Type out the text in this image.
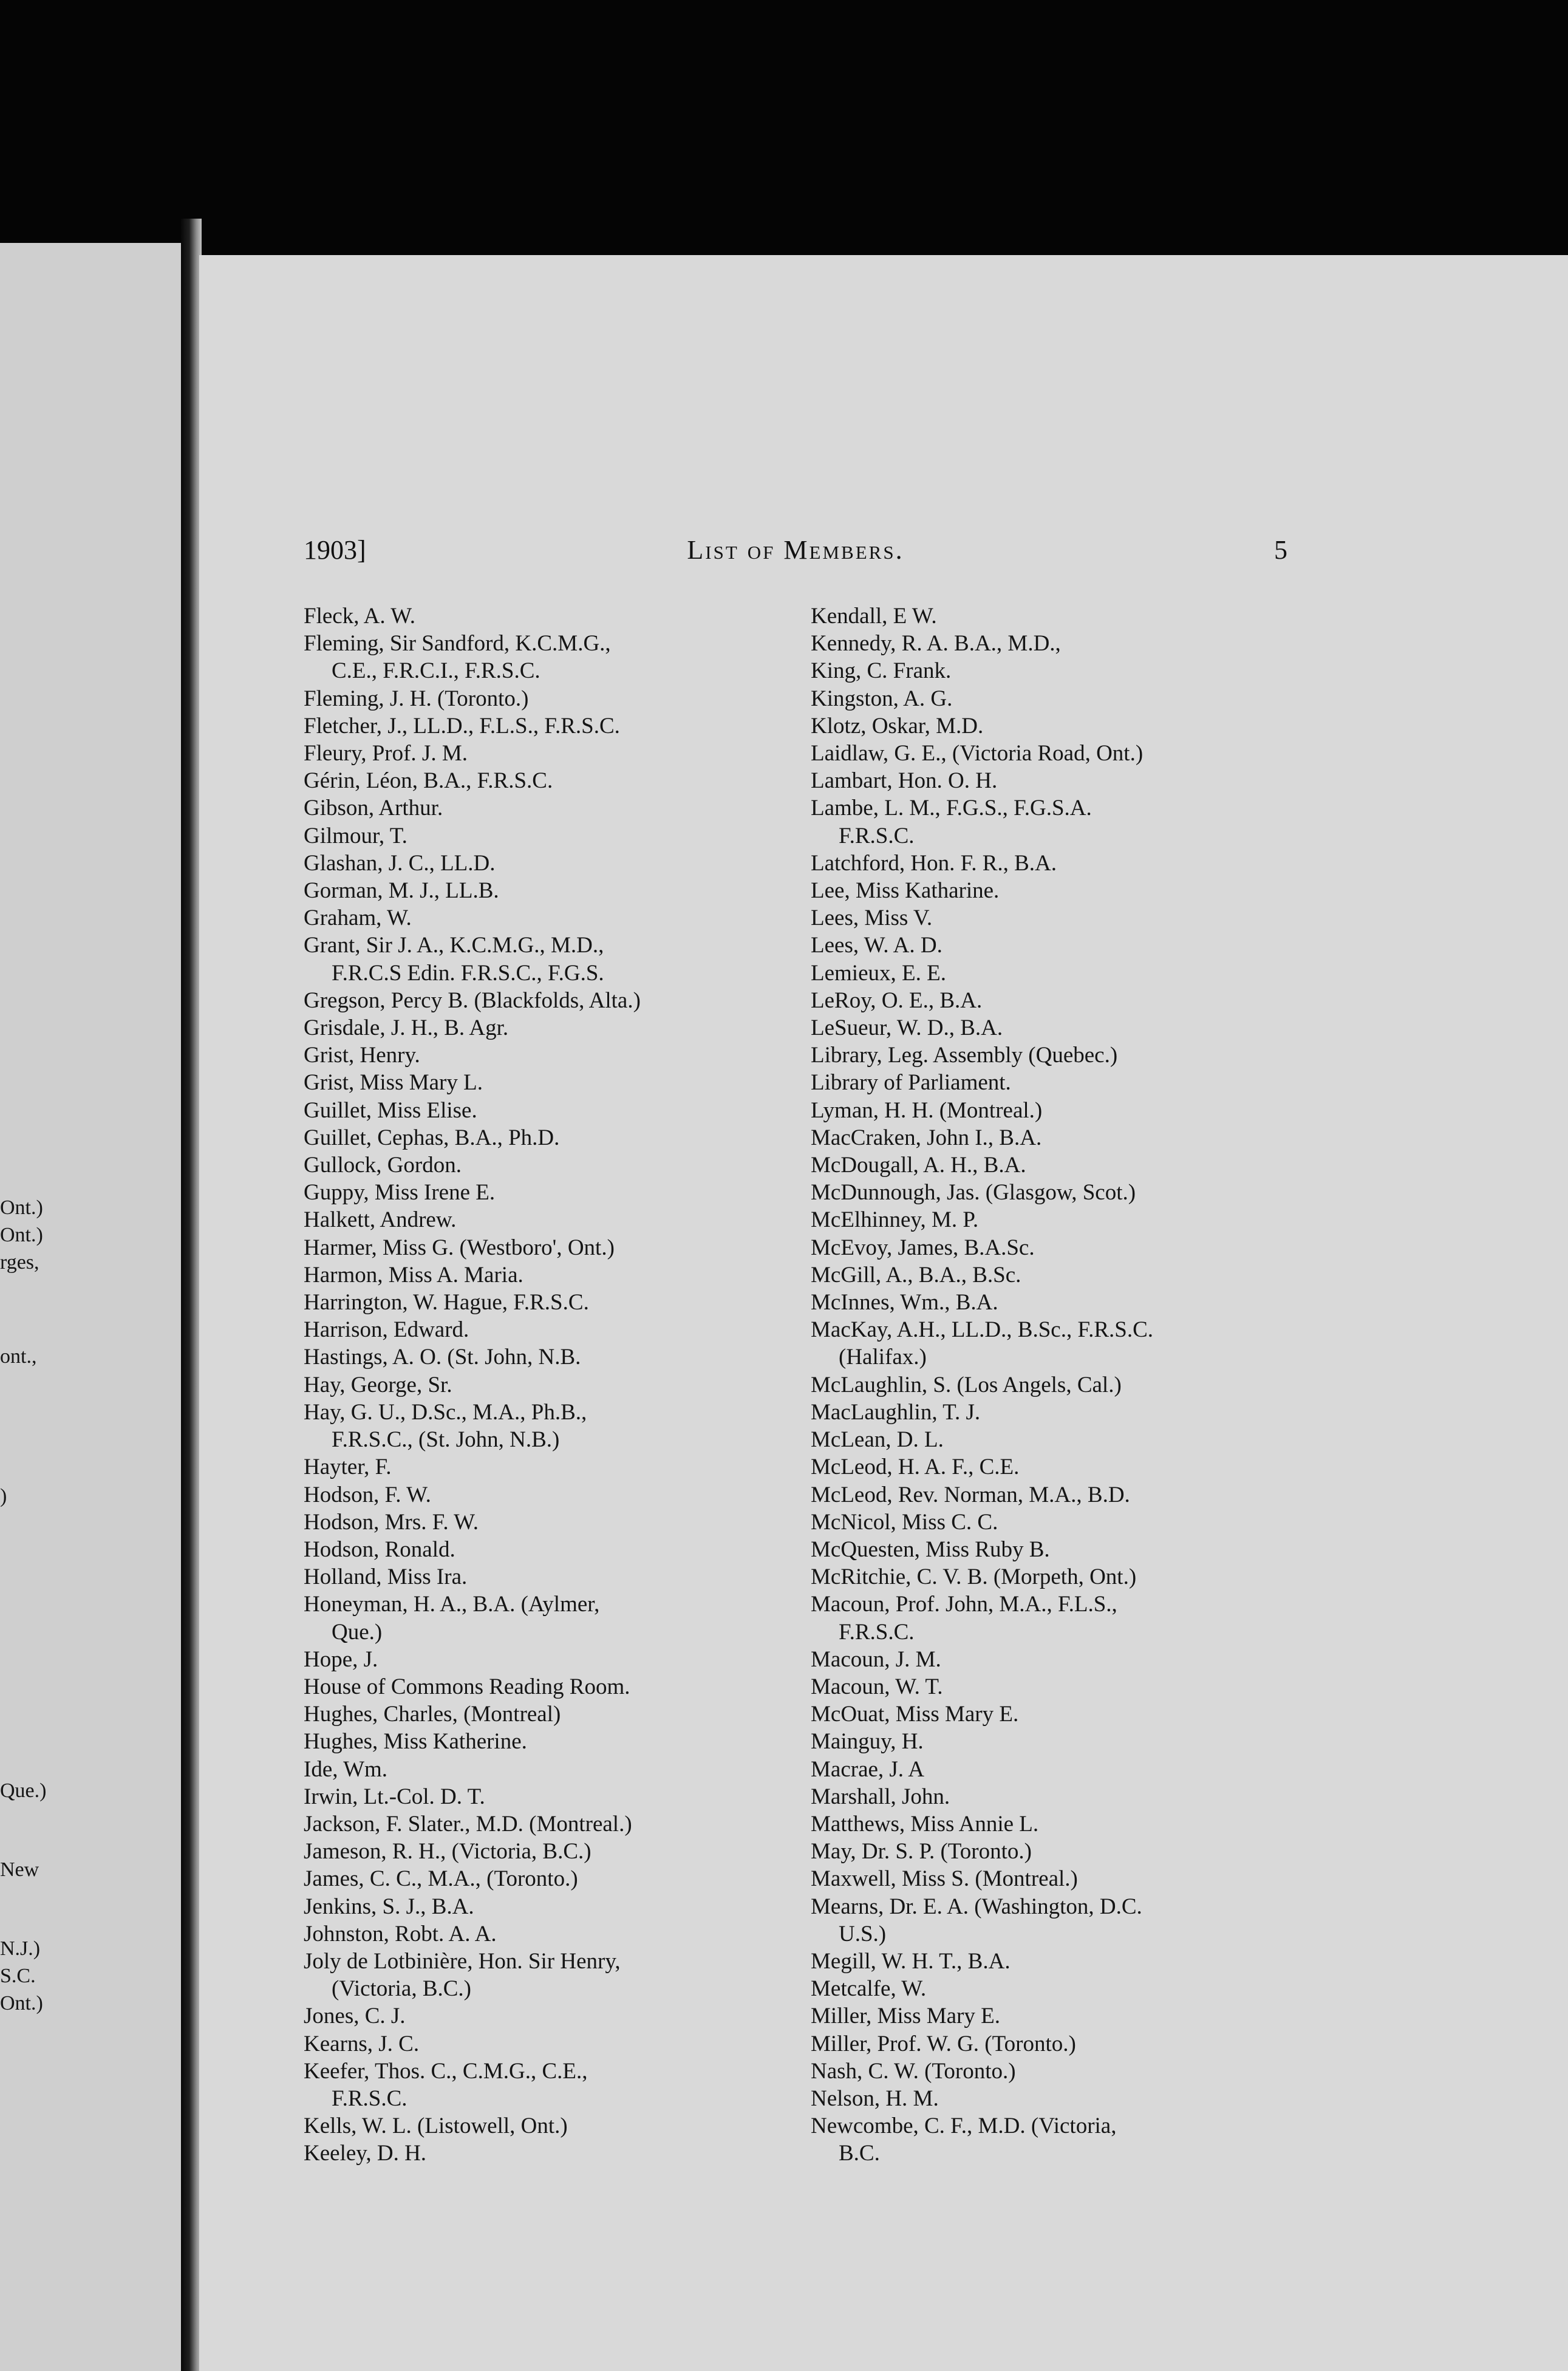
Ont.)
Ont.)
rges,
ont.,
)
Que.)
New
N.J.)
S.C.
Ont.)
1903]	List of Members.	5
Fleck, A. W.
Fleming, Sir Sandford, K.C.M.G.,
C.E., F.R.C.I., F.R.S.C.
Fleming, J. H. (Toronto.)
Fletcher, J., LL.D., F.L.S., F.R.S.C.
Fleury, Prof. J. M.
Gérin, Léon, B.A., F.R.S.C.
Gibson, Arthur.
Gilmour, T.
Glashan, J. C., LL.D.
Gorman, M. J., LL.B.
Graham, W.
Grant, Sir J. A., K.C.M.G., M.D.,
F.R.C.S Edin. F.R.S.C., F.G.S.
Gregson, Percy B. (Blackfolds, Alta.)
Grisdale, J. H., B. Agr.
Grist, Henry.
Grist, Miss Mary L.
Guillet, Miss Elise.
Guillet, Cephas, B.A., Ph.D.
Gullock, Gordon.
Guppy, Miss Irene E.
Halkett, Andrew.
Harmer, Miss G. (Westboro', Ont.)
Harmon, Miss A. Maria.
Harrington, W. Hague, F.R.S.C.
Harrison, Edward.
Hastings, A. O. (St. John, N.B.
Hay, George, Sr.
Hay, G. U., D.Sc., M.A., Ph.B.,
F.R.S.C., (St. John, N.B.)
Hayter, F.
Hodson, F. W.
Hodson, Mrs. F. W.
Hodson, Ronald.
Holland, Miss Ira.
Honeyman, H. A., B.A. (Aylmer,
Que.)
Hope, J.
House of Commons Reading Room.
Hughes, Charles, (Montreal)
Hughes, Miss Katherine.
Ide, Wm.
Irwin, Lt.-Col. D. T.
Jackson, F. Slater., M.D. (Montreal.)
Jameson, R. H., (Victoria, B.C.)
James, C. C., M.A., (Toronto.)
Jenkins, S. J., B.A.
Johnston, Robt. A. A.
Joly de Lotbinière, Hon. Sir Henry,
(Victoria, B.C.)
Jones, C. J.
Kearns, J. C.
Keefer, Thos. C., C.M.G., C.E.,
F.R.S.C.
Kells, W. L. (Listowell, Ont.)
Keeley, D. H.
Kendall, E W.
Kennedy, R. A. B.A., M.D.,
King, C. Frank.
Kingston, A. G.
Klotz, Oskar, M.D.
Laidlaw, G. E., (Victoria Road, Ont.)
Lambart, Hon. O. H.
Lambe, L. M., F.G.S., F.G.S.A.
F.R.S.C.
Latchford, Hon. F. R., B.A.
Lee, Miss Katharine.
Lees, Miss V.
Lees, W. A. D.
Lemieux, E. E.
LeRoy, O. E., B.A.
LeSueur, W. D., B.A.
Library, Leg. Assembly (Quebec.)
Library of Parliament.
Lyman, H. H. (Montreal.)
MacCraken, John I., B.A.
McDougall, A. H., B.A.
McDunnough, Jas. (Glasgow, Scot.)
McElhinney, M. P.
McEvoy, James, B.A.Sc.
McGill, A., B.A., B.Sc.
McInnes, Wm., B.A.
MacKay, A.H., LL.D., B.Sc., F.R.S.C.
(Halifax.)
McLaughlin, S. (Los Angels, Cal.)
MacLaughlin, T. J.
McLean, D. L.
McLeod, H. A. F., C.E.
McLeod, Rev. Norman, M.A., B.D.
McNicol, Miss C. C.
McQuesten, Miss Ruby B.
McRitchie, C. V. B. (Morpeth, Ont.)
Macoun, Prof. John, M.A., F.L.S.,
F.R.S.C.
Macoun, J. M.
Macoun, W. T.
McOuat, Miss Mary E.
Mainguy, H.
Macrae, J. A
Marshall, John.
Matthews, Miss Annie L.
May, Dr. S. P. (Toronto.)
Maxwell, Miss S. (Montreal.)
Mearns, Dr. E. A. (Washington, D.C.
U.S.)
Megill, W. H. T., B.A.
Metcalfe, W.
Miller, Miss Mary E.
Miller, Prof. W. G. (Toronto.)
Nash, C. W. (Toronto.)
Nelson, H. M.
Newcombe, C. F., M.D. (Victoria,
B.C.
